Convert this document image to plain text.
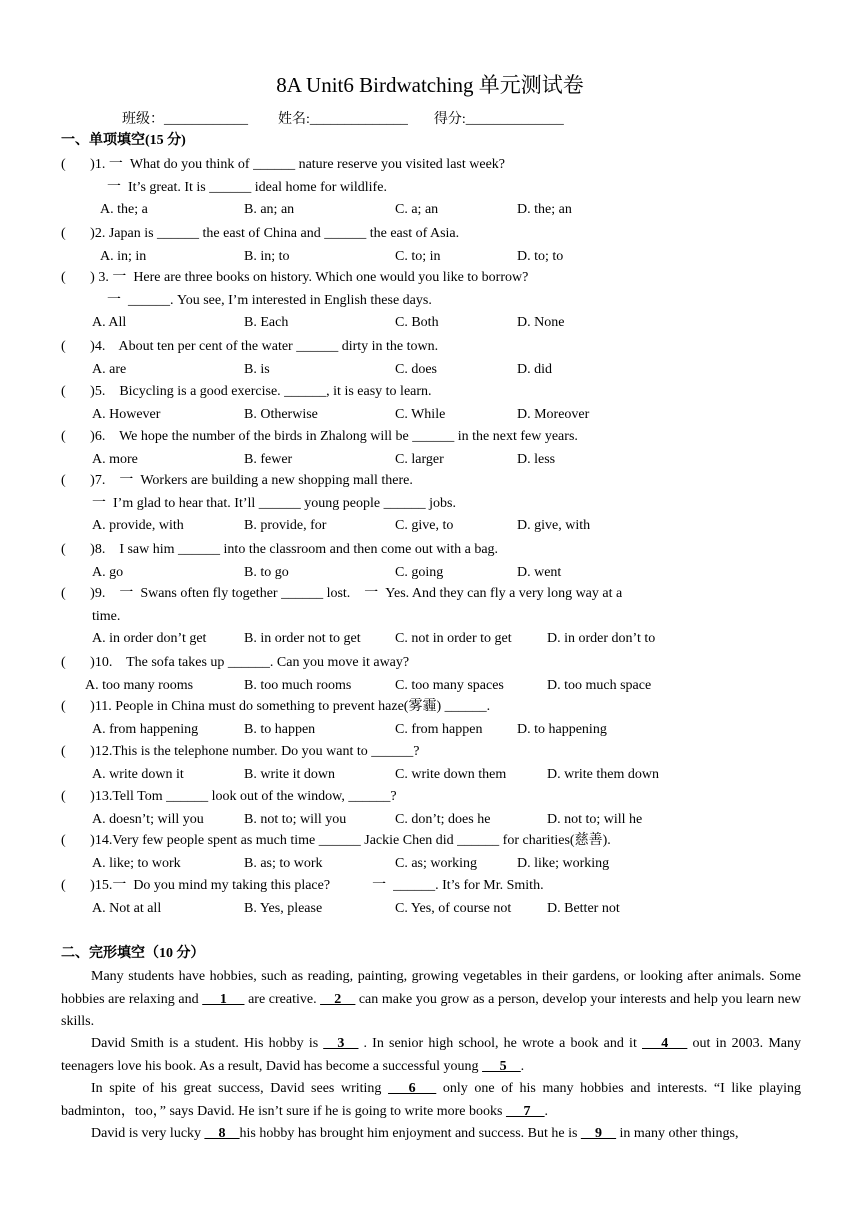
8A Unit6 Birdwatching 单元测试卷
班级：____________ 姓名:______________ 得分:______________
一、单项填空(15 分)
(       )1. 一  What do you think of ______ nature reserve you visited last week?
一  It’s great. It is ______ ideal home for wildlife.
A. the; a	B. an; an	C. a; an	D. the; an
(       )2. Japan is ______ the east of China and ______ the east of Asia.
A. in; in	B. in; to	C. to; in	D. to; to
(       ) 3. 一  Here are three books on history. Which one would you like to borrow?
一  ______. You see, I’m interested in English these days.
A. All	B. Each	C. Both	D. None
(       )4.    About ten per cent of the water ______ dirty in the town.
A. are	B. is	C. does	D. did
(       )5.    Bicycling is a good exercise. ______, it is easy to learn.
A. However	B. Otherwise	C. While	D. Moreover
(       )6.    We hope the number of the birds in Zhalong will be ______ in the next few years.
A. more	B. fewer	C. larger	D. less
(       )7.    一  Workers are building a new shopping mall there.
一  I’m glad to hear that. It’ll ______ young people ______ jobs.
A. provide, with	B. provide, for	C. give, to	D. give, with
(       )8.    I saw him ______ into the classroom and then come out with a bag.
A. go	B. to go	C. going	D. went
(       )9.    一  Swans often fly together ______ lost.    一  Yes. And they can fly a very long way at a
time.
A. in order don’t get	B. in order not to get C. not in order to get	D. in order don’t to
(       )10.    The sofa takes up ______. Can you move it away?
A. too many rooms	B. too much rooms	C. too many spaces	D. too much space
(       )11. People in China must do something to prevent haze(雾霾) ______.
A. from happening	B. to happen	C. from happen D. to happening
(       )12.This is the telephone number. Do you want to ______?
A. write down it	B. write it down	C. write down them	D. write them down
(       )13.Tell Tom ______ look out of the window, ______?
A. doesn’t; will you	B. not to; will you	C. don’t; does he	D. not to; will he
(       )14.Very few people spent as much time ______ Jackie Chen did ______ for charities(慈善).
A. like; to work	B. as; to work	C. as; working	D. like; working
(       )15.一  Do you mind my taking this place?            一  ______. It’s for Mr. Smith.
A. Not at all	B. Yes, please	C. Yes, of course not	D. Better not
二、完形填空（10 分）
Many students have hobbies, such as reading, painting, growing vegetables in their gardens, or looking after animals. Some hobbies are relaxing and  __1__  are creative. __2__ can make you grow as a person, develop your interests and help you learn new skills.
David Smith is a student. His hobby is __3__ . In senior high school, he wrote a book and it  __4__  out in 2003. Many teenagers love his book. As a result, David has become a successful young  __5__.
In spite of his great success, David sees writing  __6__  only one of his many hobbies and interests. “I like playing badminton，too，” says David. He isn’t sure if he is going to write more books  __7__.
David is very lucky __8__his hobby has brought him enjoyment and success. But he is __9__ in many other things,
